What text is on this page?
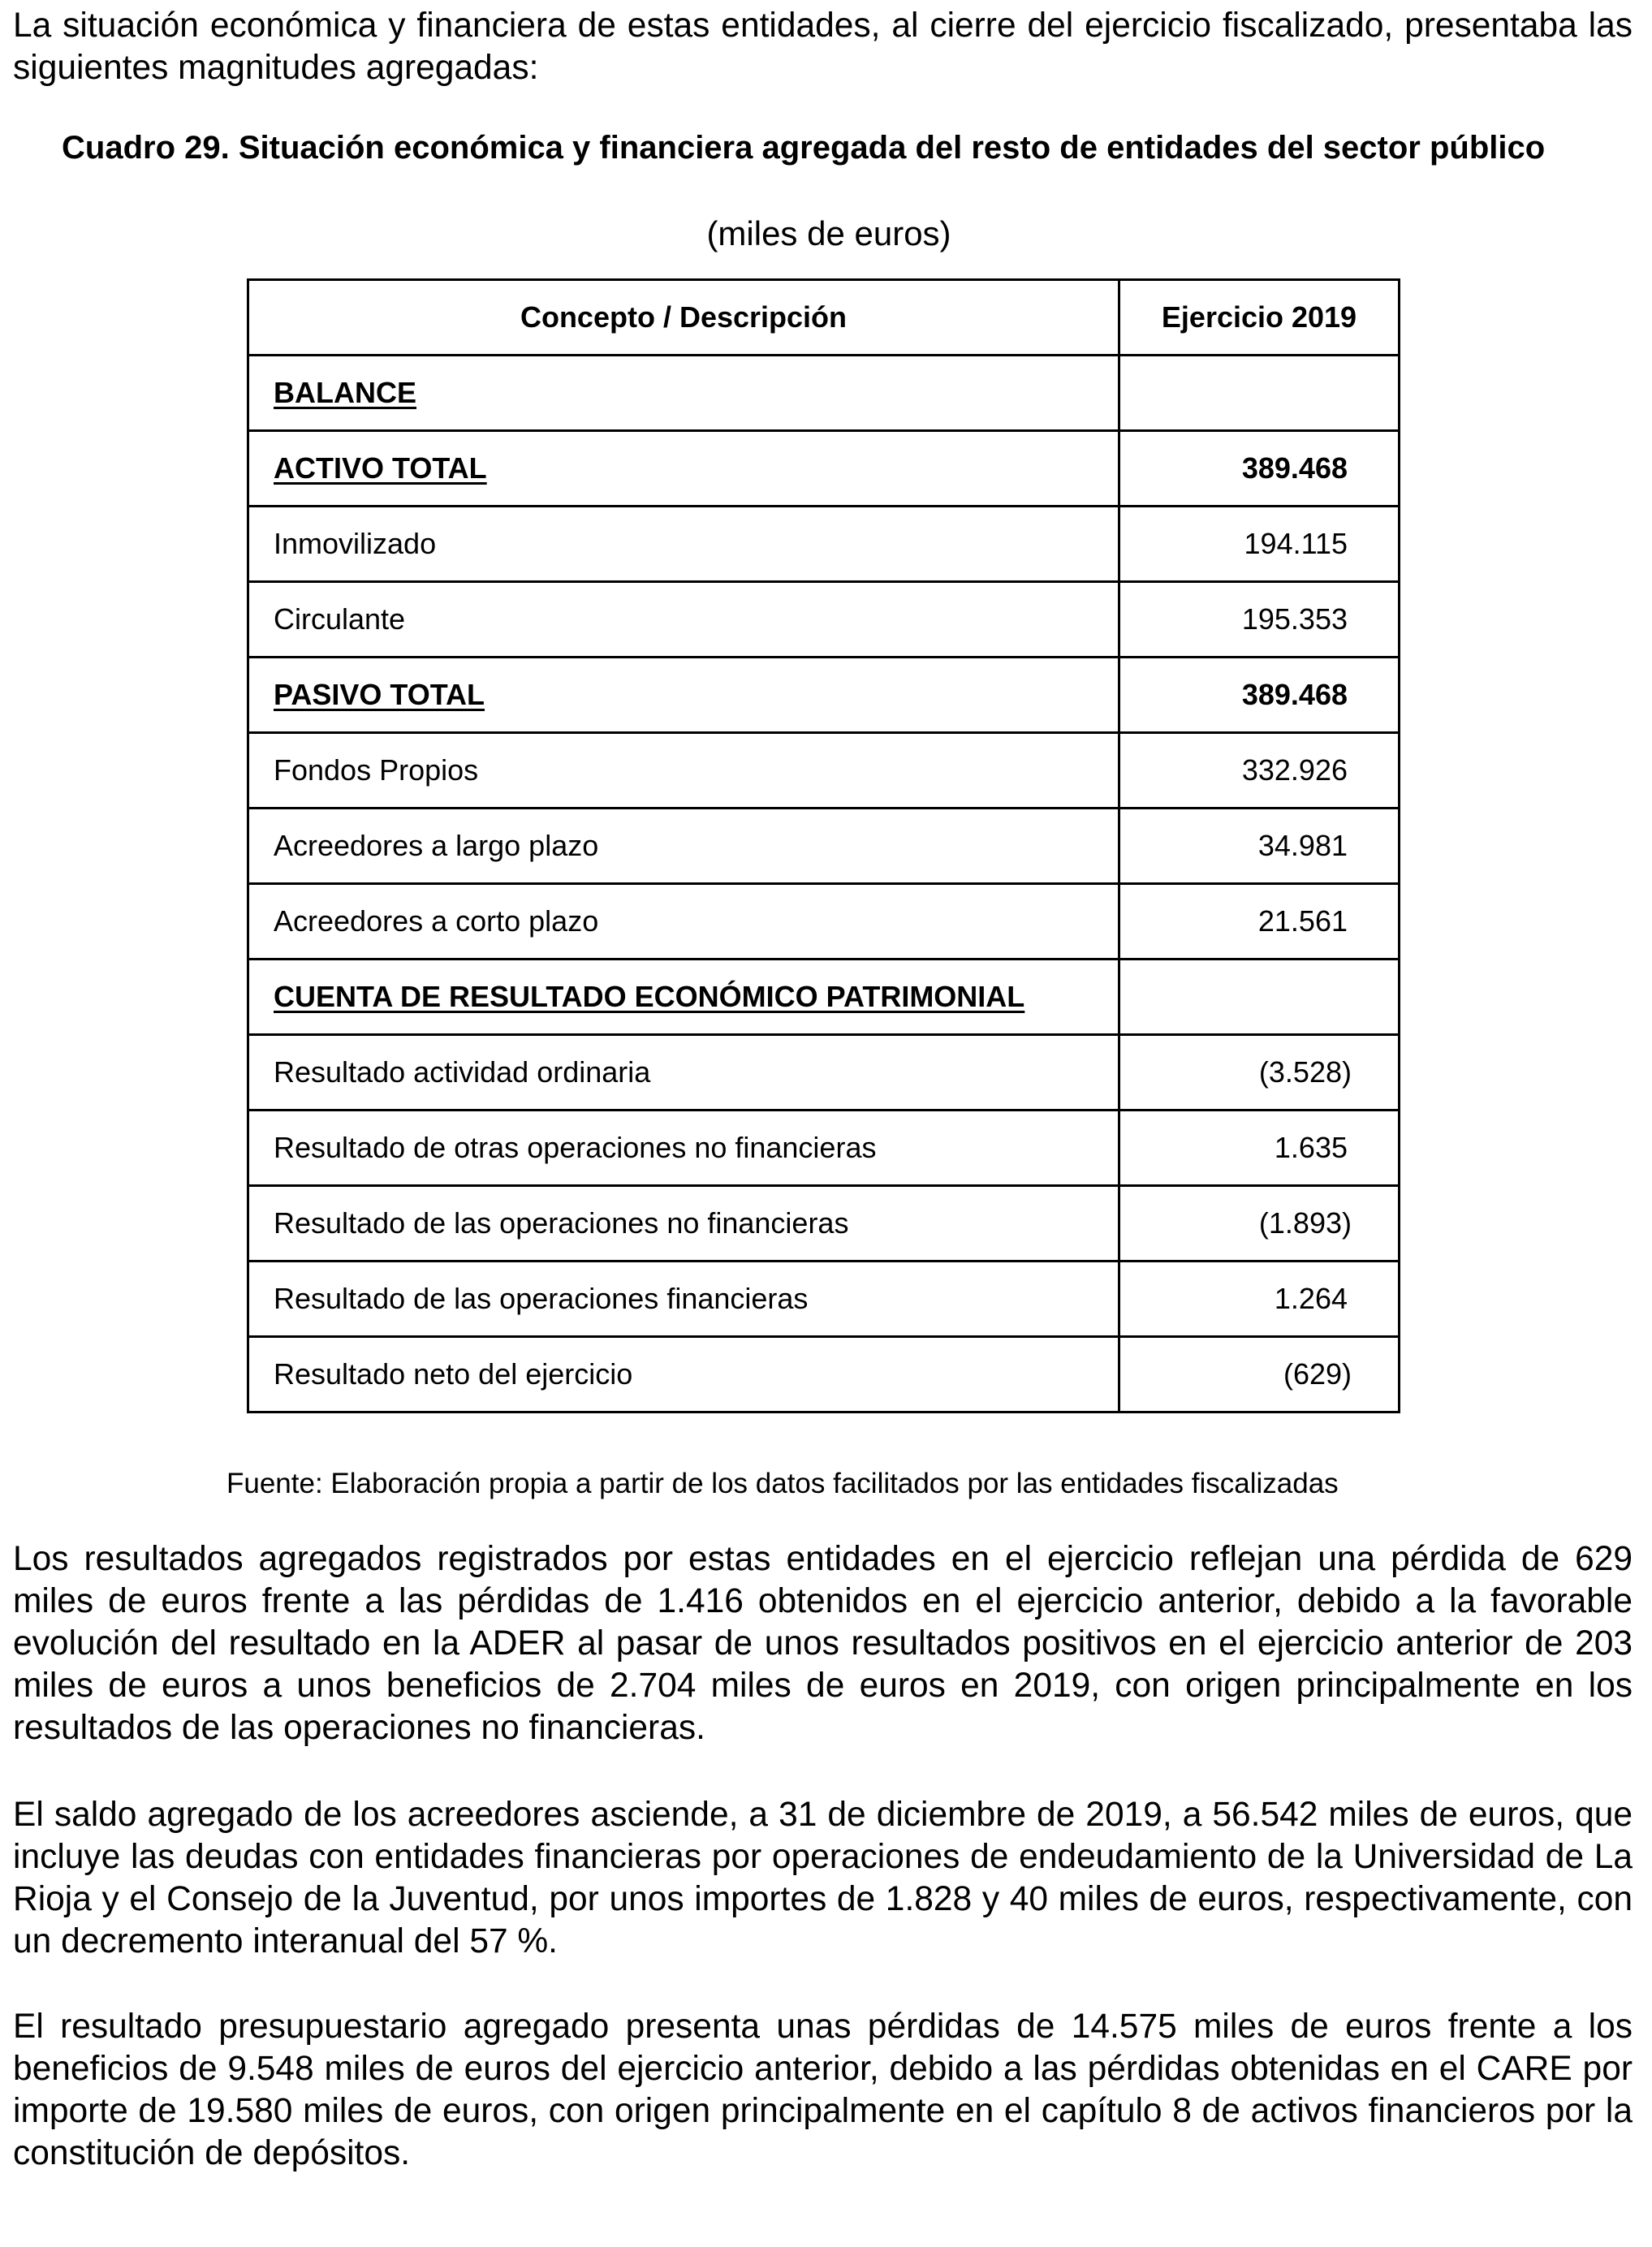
La situación económica y financiera de estas entidades, al cierre del ejercicio fiscalizado, presentaba las siguientes magnitudes agregadas:

Cuadro 29. Situación económica y financiera agregada del resto de entidades del sector público
(miles de euros)
Concepto / Descripción	Ejercicio 2019
BALANCE	
ACTIVO TOTAL	389.468
Inmovilizado	194.115
Circulante	195.353
PASIVO TOTAL	389.468
Fondos Propios	332.926
Acreedores a largo plazo	34.981
Acreedores a corto plazo	21.561
CUENTA DE RESULTADO ECONÓMICO PATRIMONIAL	
Resultado actividad ordinaria	(3.528)
Resultado de otras operaciones no financieras	1.635
Resultado de las operaciones no financieras	(1.893)
Resultado de las operaciones financieras	1.264
Resultado neto del ejercicio	(629)
Fuente: Elaboración propia a partir de los datos facilitados por las entidades fiscalizadas

Los resultados agregados registrados por estas entidades en el ejercicio reflejan una pérdida de 629 miles de euros frente a las pérdidas de 1.416 obtenidos en el ejercicio anterior, debido a la favorable evolución del resultado en la ADER al pasar de unos resultados positivos en el ejercicio anterior de 203 miles de euros a unos beneficios de 2.704 miles de euros en 2019, con origen principalmente en los resultados de las operaciones no financieras.

El saldo agregado de los acreedores asciende, a 31 de diciembre de 2019, a 56.542 miles de euros, que incluye las deudas con entidades financieras por operaciones de endeudamiento de la Universidad de La Rioja y el Consejo de la Juventud, por unos importes de 1.828 y 40 miles de euros, respectivamente, con un decremento interanual del 57 %.

El resultado presupuestario agregado presenta unas pérdidas de 14.575 miles de euros frente a los beneficios de 9.548 miles de euros del ejercicio anterior, debido a las pérdidas obtenidas en el CARE por importe de 19.580 miles de euros, con origen principalmente en el capítulo 8 de activos financieros por la constitución de depósitos.
